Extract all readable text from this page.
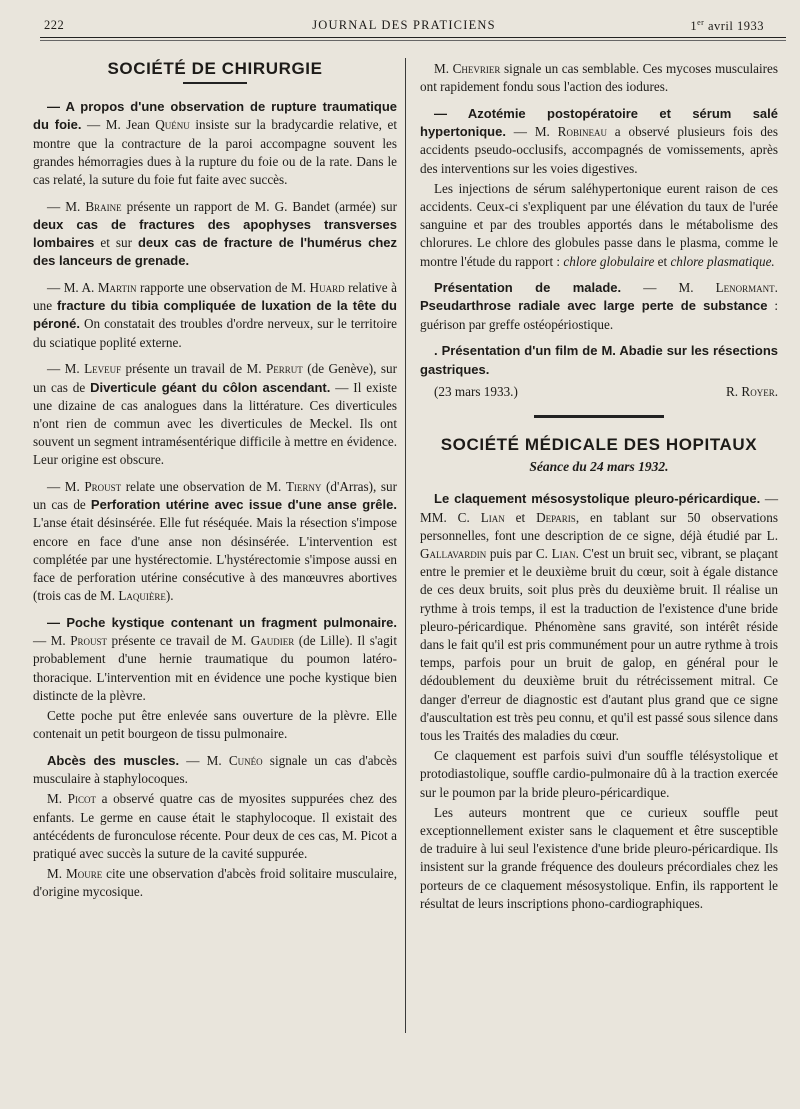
222	JOURNAL DES PRATICIENS	1er avril 1933
SOCIÉTÉ DE CHIRURGIE

— A propos d'une observation de rupture traumatique du foie. — M. Jean Quénu insiste sur la bradycardie relative, et montre que la contracture de la paroi accompagne souvent les grandes hémorragies dues à la rupture du foie ou de la rate. Dans le cas relaté, la suture du foie fut faite avec succès.

— M. Braine présente un rapport de M. G. Bandet (armée) sur deux cas de fractures des apophyses transverses lombaires et sur deux cas de fracture de l'humérus chez des lanceurs de grenade.

— M. A. Martin rapporte une observation de M. Huard relative à une fracture du tibia compliquée de luxation de la tête du péroné. On constatait des troubles d'ordre nerveux, sur le territoire du sciatique poplité externe.

— M. Leveuf présente un travail de M. Perrut (de Genève), sur un cas de Diverticule géant du côlon ascendant. — Il existe une dizaine de cas analogues dans la littérature. Ces diverticules n'ont rien de commun avec les diverticules de Meckel. Ils ont souvent un segment intramésentérique difficile à mettre en évidence. Leur origine est obscure.

— M. Proust relate une observation de M. Tierny (d'Arras), sur un cas de Perforation utérine avec issue d'une anse grêle. L'anse était désinsérée. Elle fut réséquée. Mais la résection s'impose encore en face d'une anse non désinsérée. L'intervention est complétée par une hystérectomie. L'hystérectomie s'impose aussi en face de perforation utérine consécutive à des manœuvres abortives (trois cas de M. Laquière).

— Poche kystique contenant un fragment pulmonaire. — M. Proust présente ce travail de M. Gaudier (de Lille). Il s'agit probablement d'une hernie traumatique du poumon latéro-thoracique. L'intervention mit en évidence une poche kystique bien distincte de la plèvre.

Cette poche put être enlevée sans ouverture de la plèvre. Elle contenait un petit bourgeon de tissu pulmonaire.

Abcès des muscles. — M. Cunéo signale un cas d'abcès musculaire à staphylocoques.

M. Picot a observé quatre cas de myosites suppurées chez des enfants. Le germe en cause était le staphylocoque. Il existait des antécédents de furonculose récente. Pour deux de ces cas, M. Picot a pratiqué avec succès la suture de la cavité suppurée.

M. Moure cite une observation d'abcès froid solitaire musculaire, d'origine mycosique.

M. Chevrier signale un cas semblable. Ces mycoses musculaires ont rapidement fondu sous l'action des iodures.

— Azotémie postopératoire et sérum salé hypertonique. — M. Robineau a observé plusieurs fois des accidents pseudo-occlusifs, accompagnés de vomissements, après des interventions sur les voies digestives.

Les injections de sérum saléhypertonique eurent raison de ces accidents. Ceux-ci s'expliquent par une élévation du taux de l'urée sanguine et par des troubles apportés dans le métabolisme des chlorures. Le chlore des globules passe dans le plasma, comme le montre l'étude du rapport : chlore globulaire et chlore plasmatique.

Présentation de malade. — M. Lenormant. Pseudarthrose radiale avec large perte de substance : guérison par greffe ostéopériostique.

. Présentation d'un film de M. Abadie sur les résections gastriques.

(23 mars 1933.)	R. Royer.
SOCIÉTÉ MÉDICALE DES HOPITAUX
Séance du 24 mars 1932.

Le claquement mésosystolique pleuro-péricardique. — MM. C. Lian et Deparis, en tablant sur 50 observations personnelles, font une description de ce signe, déjà étudié par L. Gallavardin puis par C. Lian. C'est un bruit sec, vibrant, se plaçant entre le premier et le deuxième bruit du cœur, soit à égale distance de ces deux bruits, soit plus près du deuxième bruit. Il réalise un rythme à trois temps, il est la traduction de l'existence d'une bride pleuro-péricardique. Phénomène sans gravité, son intérêt réside dans le fait qu'il est pris communément pour un autre rythme à trois temps, parfois pour un bruit de galop, en général pour le dédoublement du deuxième bruit du rétrécissement mitral. Ce danger d'erreur de diagnostic est d'autant plus grand que ce signe d'auscultation est très peu connu, et qu'il est passé sous silence dans tous les Traités des maladies du cœur.

Ce claquement est parfois suivi d'un souffle télésystolique et protodiastolique, souffle cardio-pulmonaire dû à la traction exercée sur le poumon par la bride pleuro-péricardique.

Les auteurs montrent que ce curieux souffle peut exceptionnellement exister sans le claquement et être susceptible de traduire à lui seul l'existence d'une bride pleuro-péricardique. Ils insistent sur la grande fréquence des douleurs précordiales chez les porteurs de ce claquement mésosystolique. Enfin, ils rapportent le résultat de leurs inscriptions phono-cardiographiques.
